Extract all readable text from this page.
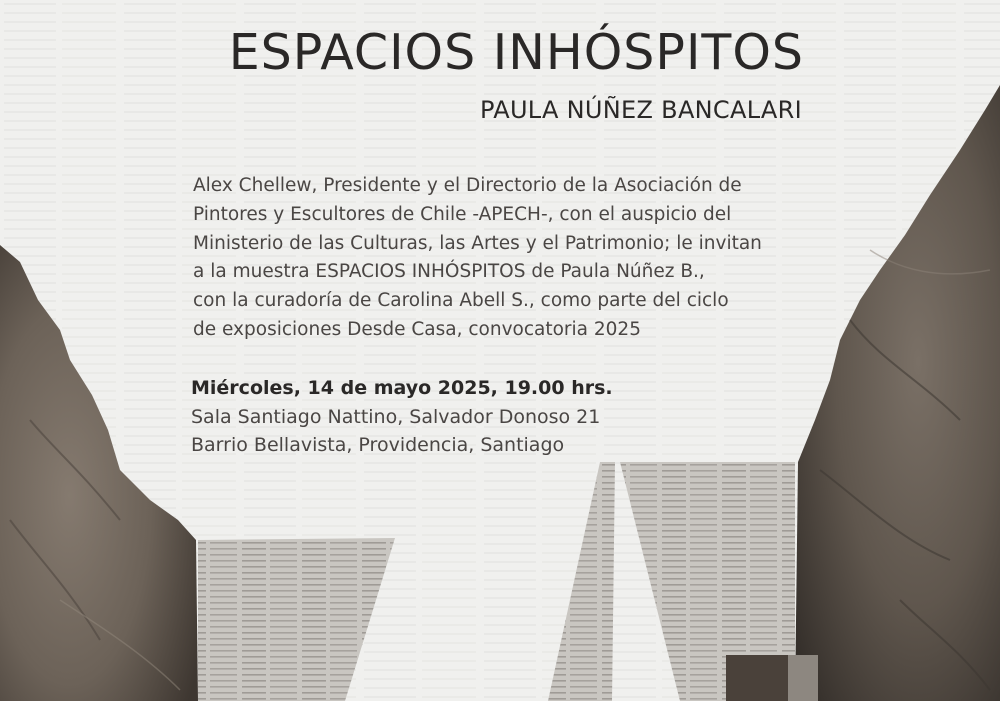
ESPACIOS INHÓSPITOS
PAULA NÚÑEZ BANCALARI

Alex Chellew, Presidente y el Directorio de la Asociación de
Pintores y Escultores de Chile -APECH-, con el auspicio del
Ministerio de las Culturas, las Artes y el Patrimonio; le invitan
a la muestra ESPACIOS INHÓSPITOS de Paula Núñez B.,
con la curadoría de Carolina Abell S., como parte del ciclo
de exposiciones Desde Casa, convocatoria 2025

Miércoles, 14 de mayo 2025, 19.00 hrs.
Sala Santiago Nattino, Salvador Donoso 21
Barrio Bellavista, Providencia, Santiago
